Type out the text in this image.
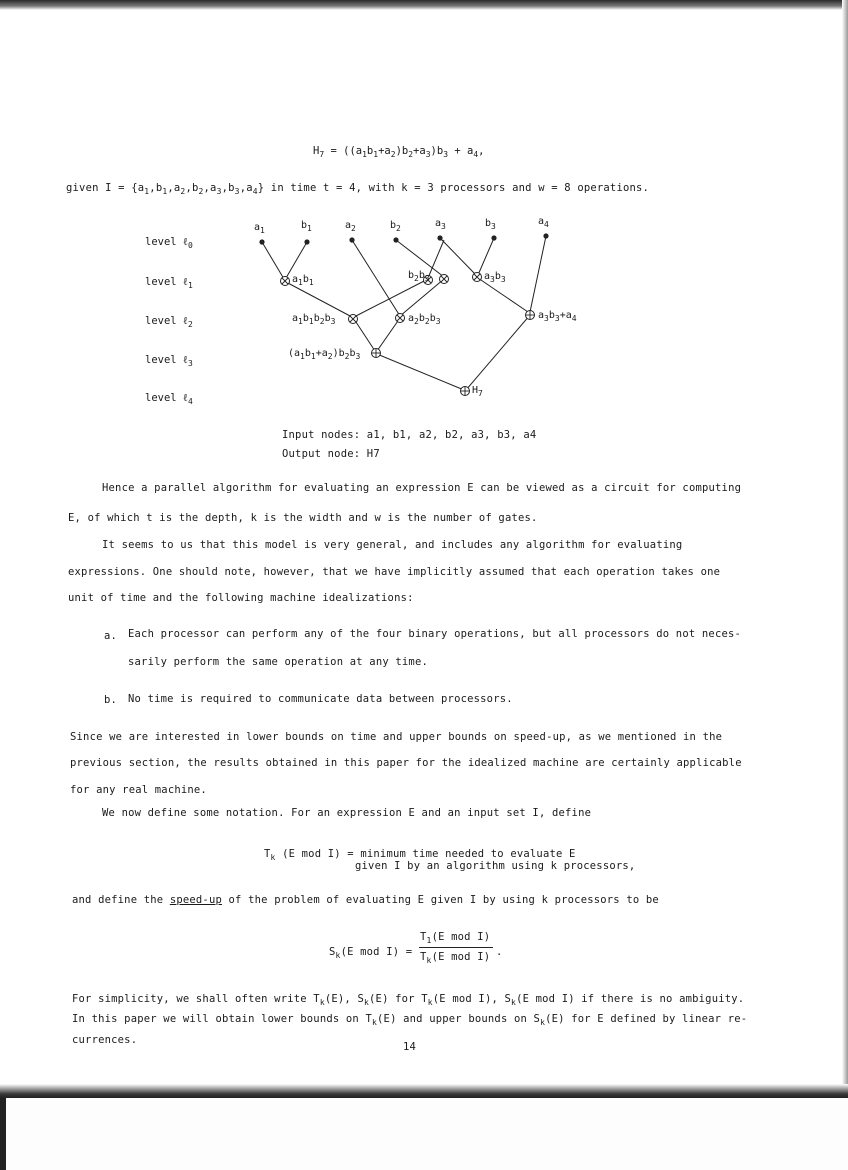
$H_7 = ((a_1b_1+a_2)b_2+a_3)b_3 + a_4$,
given $I = \{a_1,b_1,a_2,b_2,a_3,b_3,a_4\}$ in time t = 4, with k = 3 processors and w = 8 operations.
level ℓ$_0$
level ℓ$_1$
level ℓ$_2$
level ℓ$_3$
level ℓ$_4$
$a_1$	$b_1$	$a_2$	$b_2$	$a_3$	$b_3$	$a_4$
$a_1b_1$
$b_2b_3$	$a_3b_3$
$a_1b_1b_2b_3$	$a_2b_2b_3$
$a_3b_3+a_4$
$(a_1b_1+a_2)b_2b_3$
$H_7$
Input nodes: a1, b1, a2, b2, a3, b3, a4
Output node: H7
Hence a parallel algorithm for evaluating an expression E can be viewed as a circuit for computing
E, of which t is the depth, k is the width and w is the number of gates.
It seems to us that this model is very general, and includes any algorithm for evaluating
expressions. One should note, however, that we have implicitly assumed that each operation takes one
unit of time and the following machine idealizations:
a. Each processor can perform any of the four binary operations, but all processors do not neces-
sarily perform the same operation at any time.
b. No time is required to communicate data between processors.
Since we are interested in lower bounds on time and upper bounds on speed-up, as we mentioned in the
previous section, the results obtained in this paper for the idealized machine are certainly applicable
for any real machine.
We now define some notation. For an expression E and an input set I, define
$T_k$ (E mod I) = minimum time needed to evaluate E
given I by an algorithm using k processors,
and define the speed-up of the problem of evaluating E given I by using k processors to be
$S_k(E$ mod I) =
$T_1(E$ mod I)
$T_k(E$ mod I) .
For simplicity, we shall often write $T_k(E)$, $S_k(E)$ for $T_k(E$ mod I), $S_k(E$ mod I) if there is no ambiguity.
In this paper we will obtain lower bounds on $T_k(E)$ and upper bounds on $S_k(E)$ for E defined by linear re-
currences.
14
